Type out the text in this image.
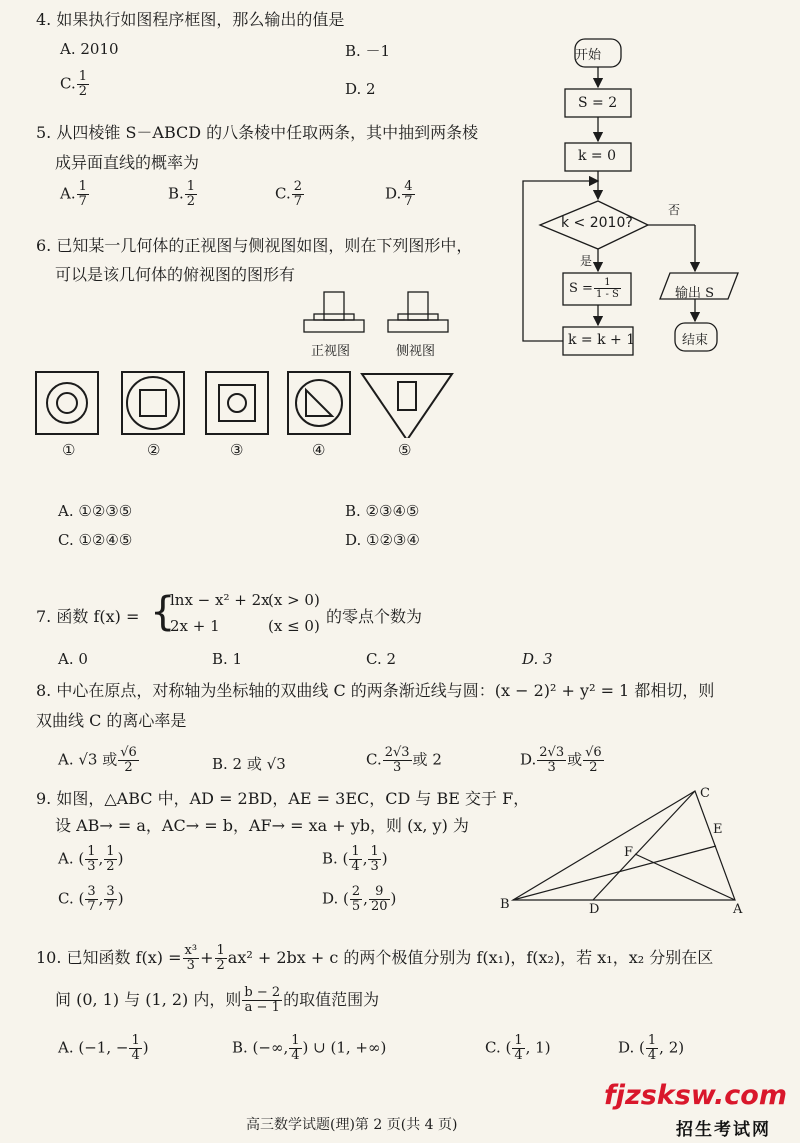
4. 如果执行如图程序框图，那么输出的值是
A. 2010	B. －1
C. $\frac{1}{2}$	D. 2
开始
S = 2
k = 0
k < 2010?
否
是
$S = \frac{1}{1 - S}$
k = k + 1
输出 S
结束
5. 从四棱锥 S－ABCD 的八条棱中任取两条，其中抽到两条棱
成异面直线的概率为
A. $\frac{1}{7}$	B. $\frac{1}{2}$	C. $\frac{2}{7}$	D. $\frac{4}{7}$
6. 已知某一几何体的正视图与侧视图如图，则在下列图形中，
可以是该几何体的俯视图的图形有
正视图	侧视图
①	②	③	④	⑤
A. ①②③⑤	B. ②③④⑤
C. ①②④⑤	D. ①②③④
7. 函数 f(x) = {
lnx − x² + 2x
(x > 0)
2x + 1	(x ≤ 0) 的零点个数为
A. 0	B. 1	C. 2	D. 3
8. 中心在原点，对称轴为坐标轴的双曲线 C 的两条渐近线与圆：(x − 2)² + y² = 1 都相切，则
双曲线 C 的离心率是
A. √3 或 $\frac{√6}{2}$	B. 2 或 √3	C. $\frac{2√3}{3}$ 或 2	D. $\frac{2√3}{3}$ 或 $\frac{√6}{2}$
9. 如图，△ABC 中，AD = 2BD，AE = 3EC，CD 与 BE 交于 F，
设 AB→ = a，AC→ = b，AF→ = xa + yb，则 (x, y) 为
A. ( $\frac{1}{3}$ , $\frac{1}{2}$ )	B. ( $\frac{1}{4}$ , $\frac{1}{3}$ )
C. ( $\frac{3}{7}$ , $\frac{3}{7}$ )	D. ( $\frac{2}{5}$ , $\frac{9}{20}$ )	B	D	A
C
E
F
10. 已知函数 $f(x) = \frac{\text{x³}}{3} + \frac{1}{2} ax^2 + 2bx + c$ 的两个极值分别为 f(x₁)，f(x₂)，若 x₁，x₂ 分别在区
间 (0, 1) 与 (1, 2) 内，则 $\frac{b - 2}{a - 1}$ 的取值范围为
A. (−1, − $\frac{1}{4}$ )	B. (−∞, $\frac{1}{4}$ ) ∪ (1, +∞)	C. ( $\frac{1}{4}$ , 1)	D. ( $\frac{1}{4}$ , 2)
高三数学试题(理)第 2 页(共 4 页)
fjzsksw.com
招生考试网
